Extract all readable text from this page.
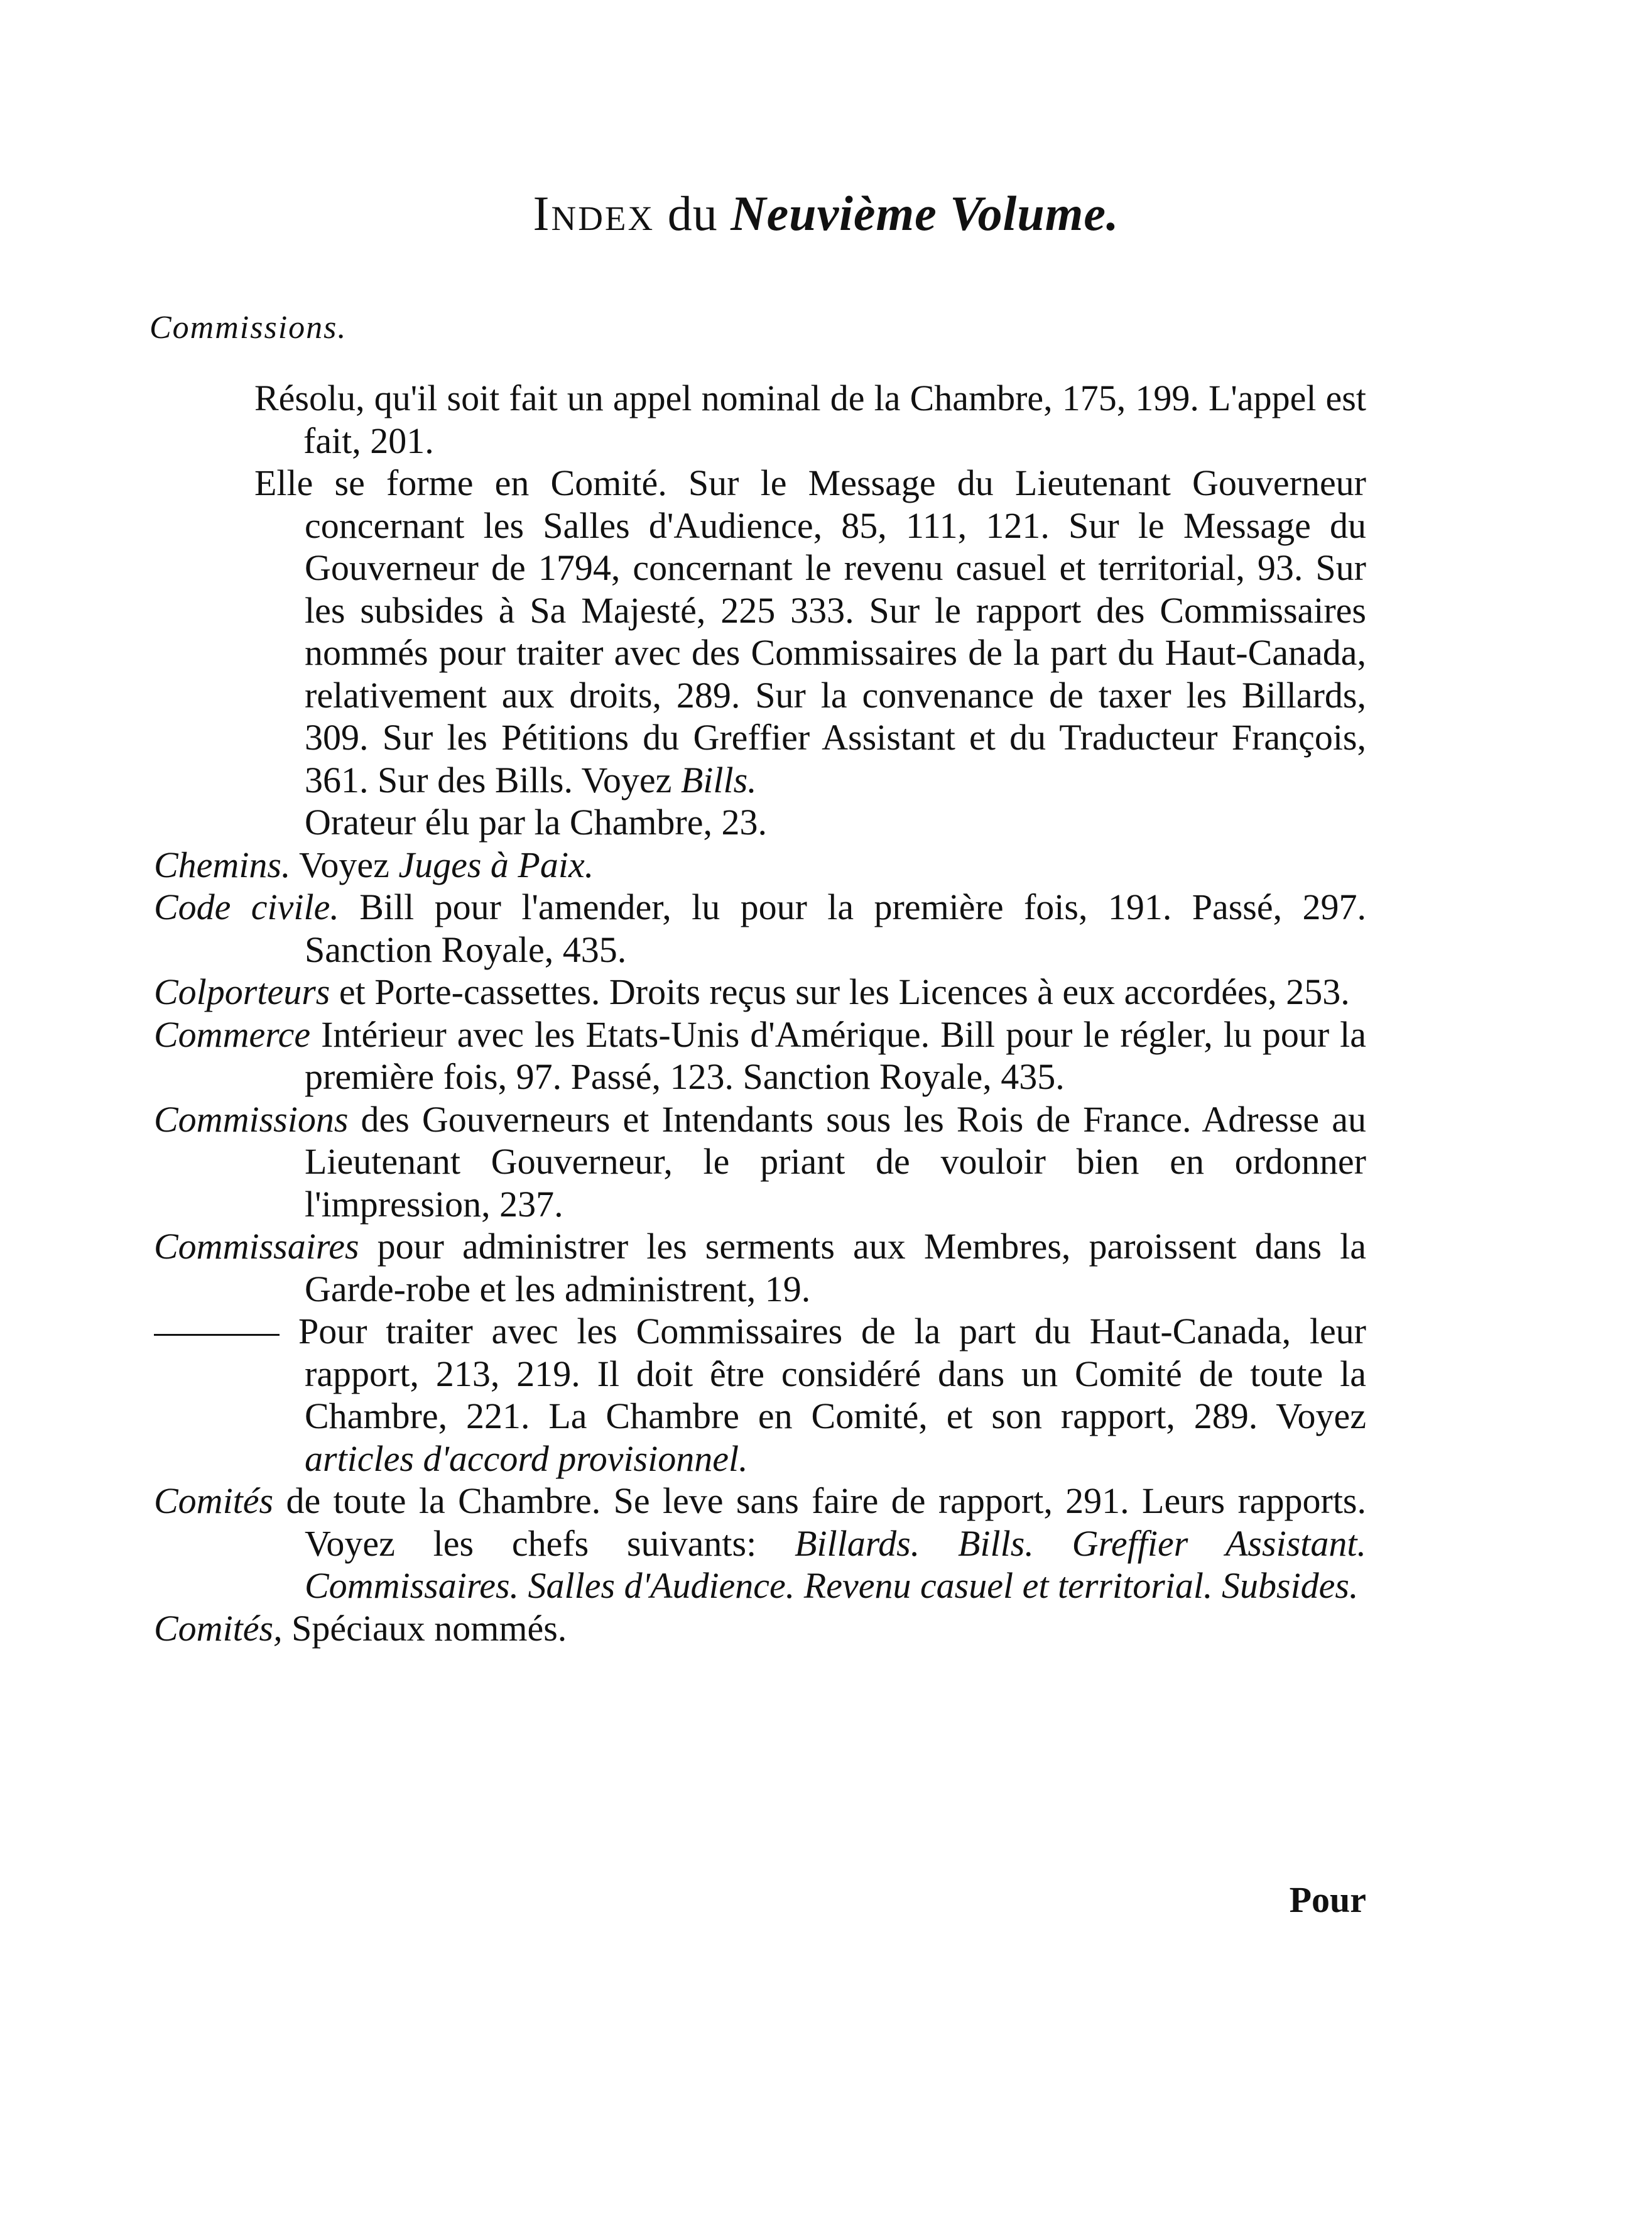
Index du Neuvième Volume.
Commissions.

Résolu, qu'il soit fait un appel nominal de la Chambre, 175, 199. L'appel est fait, 201.

Elle se forme en Comité. Sur le Message du Lieutenant Gouverneur concernant les Salles d'Audience, 85, 111, 121. Sur le Message du Gouverneur de 1794, concernant le revenu casuel et territorial, 93. Sur les subsides à Sa Majesté, 225 333. Sur le rapport des Commissaires nommés pour traiter avec des Commissaires de la part du Haut-Canada, relativement aux droits, 289. Sur la convenance de taxer les Billards, 309. Sur les Pétitions du Greffier Assistant et du Traducteur François, 361. Sur des Bills. Voyez Bills.

Orateur élu par la Chambre, 23.

Chemins. Voyez Juges à Paix.

Code civile. Bill pour l'amender, lu pour la première fois, 191. Passé, 297. Sanction Royale, 435.

Colporteurs et Porte-cassettes. Droits reçus sur les Licences à eux accordées, 253.

Commerce Intérieur avec les Etats-Unis d'Amérique. Bill pour le régler, lu pour la première fois, 97. Passé, 123. Sanction Royale, 435.

Commissions des Gouverneurs et Intendants sous les Rois de France. Adresse au Lieutenant Gouverneur, le priant de vouloir bien en ordonner l'impression, 237.

Commissaires pour administrer les serments aux Membres, paroissent dans la Garde-robe et les administrent, 19.

Pour traiter avec les Commissaires de la part du Haut-Canada, leur rapport, 213, 219. Il doit être considéré dans un Comité de toute la Chambre, 221. La Chambre en Comité, et son rapport, 289. Voyez articles d'accord provisionnel.

Comités de toute la Chambre. Se leve sans faire de rapport, 291. Leurs rapports. Voyez les chefs suivants: Billards. Bills. Greffier Assistant. Commissaires. Salles d'Audience. Revenu casuel et territorial. Subsides.

Comités, Spéciaux nommés.

Pour
